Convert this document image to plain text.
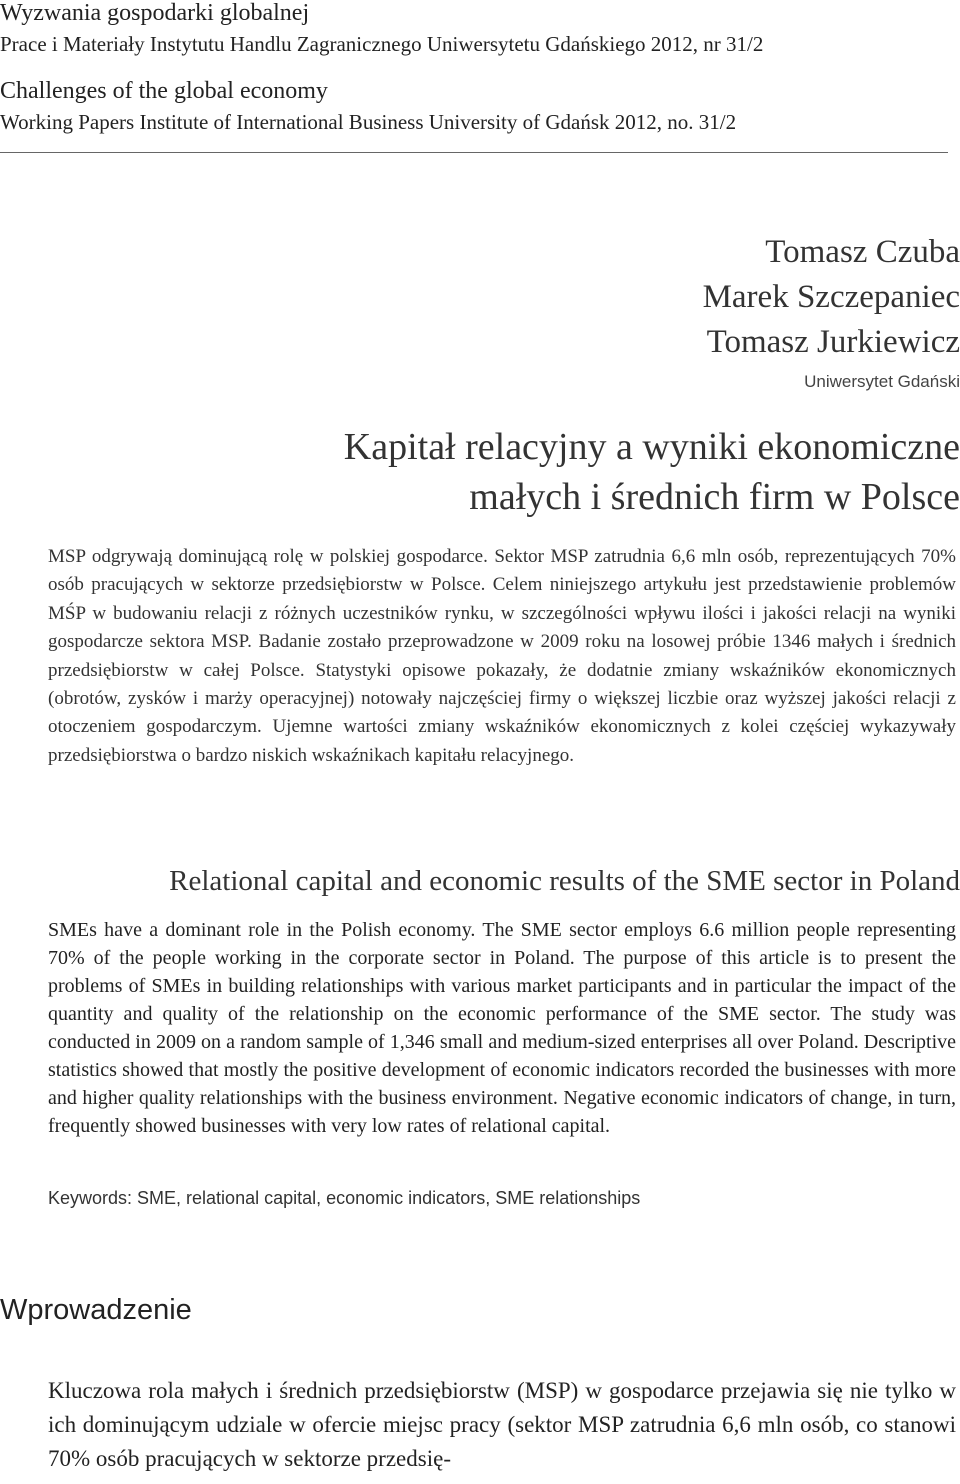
Wyzwania gospodarki globalnej
Prace i Materiały Instytutu Handlu Zagranicznego Uniwersytetu Gdańskiego 2012, nr 31/2
Challenges of the global economy
Working Papers Institute of International Business University of Gdańsk 2012, no. 31/2
Tomasz Czuba
Marek Szczepaniec
Tomasz Jurkiewicz
Uniwersytet Gdański
Kapitał relacyjny a wyniki ekonomiczne
małych i średnich firm w Polsce

MSP odgrywają dominującą rolę w polskiej gospodarce. Sektor MSP zatrudnia 6,6 mln osób, reprezentujących 70% osób pracujących w sektorze przedsiębiorstw w Polsce. Celem niniejszego artykułu jest przedstawienie problemów MŚP w budowaniu relacji z różnych uczestników rynku, w szczególności wpływu ilości i jakości relacji na wyniki gospodarcze sektora MSP. Badanie zostało przeprowadzone w 2009 roku na losowej próbie 1346 małych i średnich przedsiębiorstw w całej Polsce. Statystyki opisowe pokazały, że dodatnie zmiany wskaźników ekonomicznych (obrotów, zysków i marży operacyjnej) notowały najczęściej firmy o większej liczbie oraz wyższej jakości relacji z otoczeniem gospodarczym. Ujemne wartości zmiany wskaźników ekonomicznych z kolei częściej wykazywały przedsiębiorstwa o bardzo niskich wskaźnikach kapitału relacyjnego.

Relational capital and economic results of the SME sector in Poland

SMEs have a dominant role in the Polish economy. The SME sector employs 6.6 million people representing 70% of the people working in the corporate sector in Poland. The purpose of this article is to present the problems of SMEs in building relationships with various market participants and in particular the impact of the quantity and quality of the relationship on the economic performance of the SME sector. The study was conducted in 2009 on a random sample of 1,346 small and medium-sized enterprises all over Poland. Descriptive statistics showed that mostly the positive development of economic indicators recorded the businesses with more and higher quality relationships with the business environment. Negative economic indicators of change, in turn, frequently showed businesses with very low rates of relational capital.

Keywords: SME, relational capital, economic indicators, SME relationships
Wprowadzenie

Kluczowa rola małych i średnich przedsiębiorstw (MSP) w gospodarce przejawia się nie tylko w ich dominującym udziale w ofercie miejsc pracy (sektor MSP zatrudnia 6,6 mln osób, co stanowi 70% osób pracujących w sektorze przedsię-
